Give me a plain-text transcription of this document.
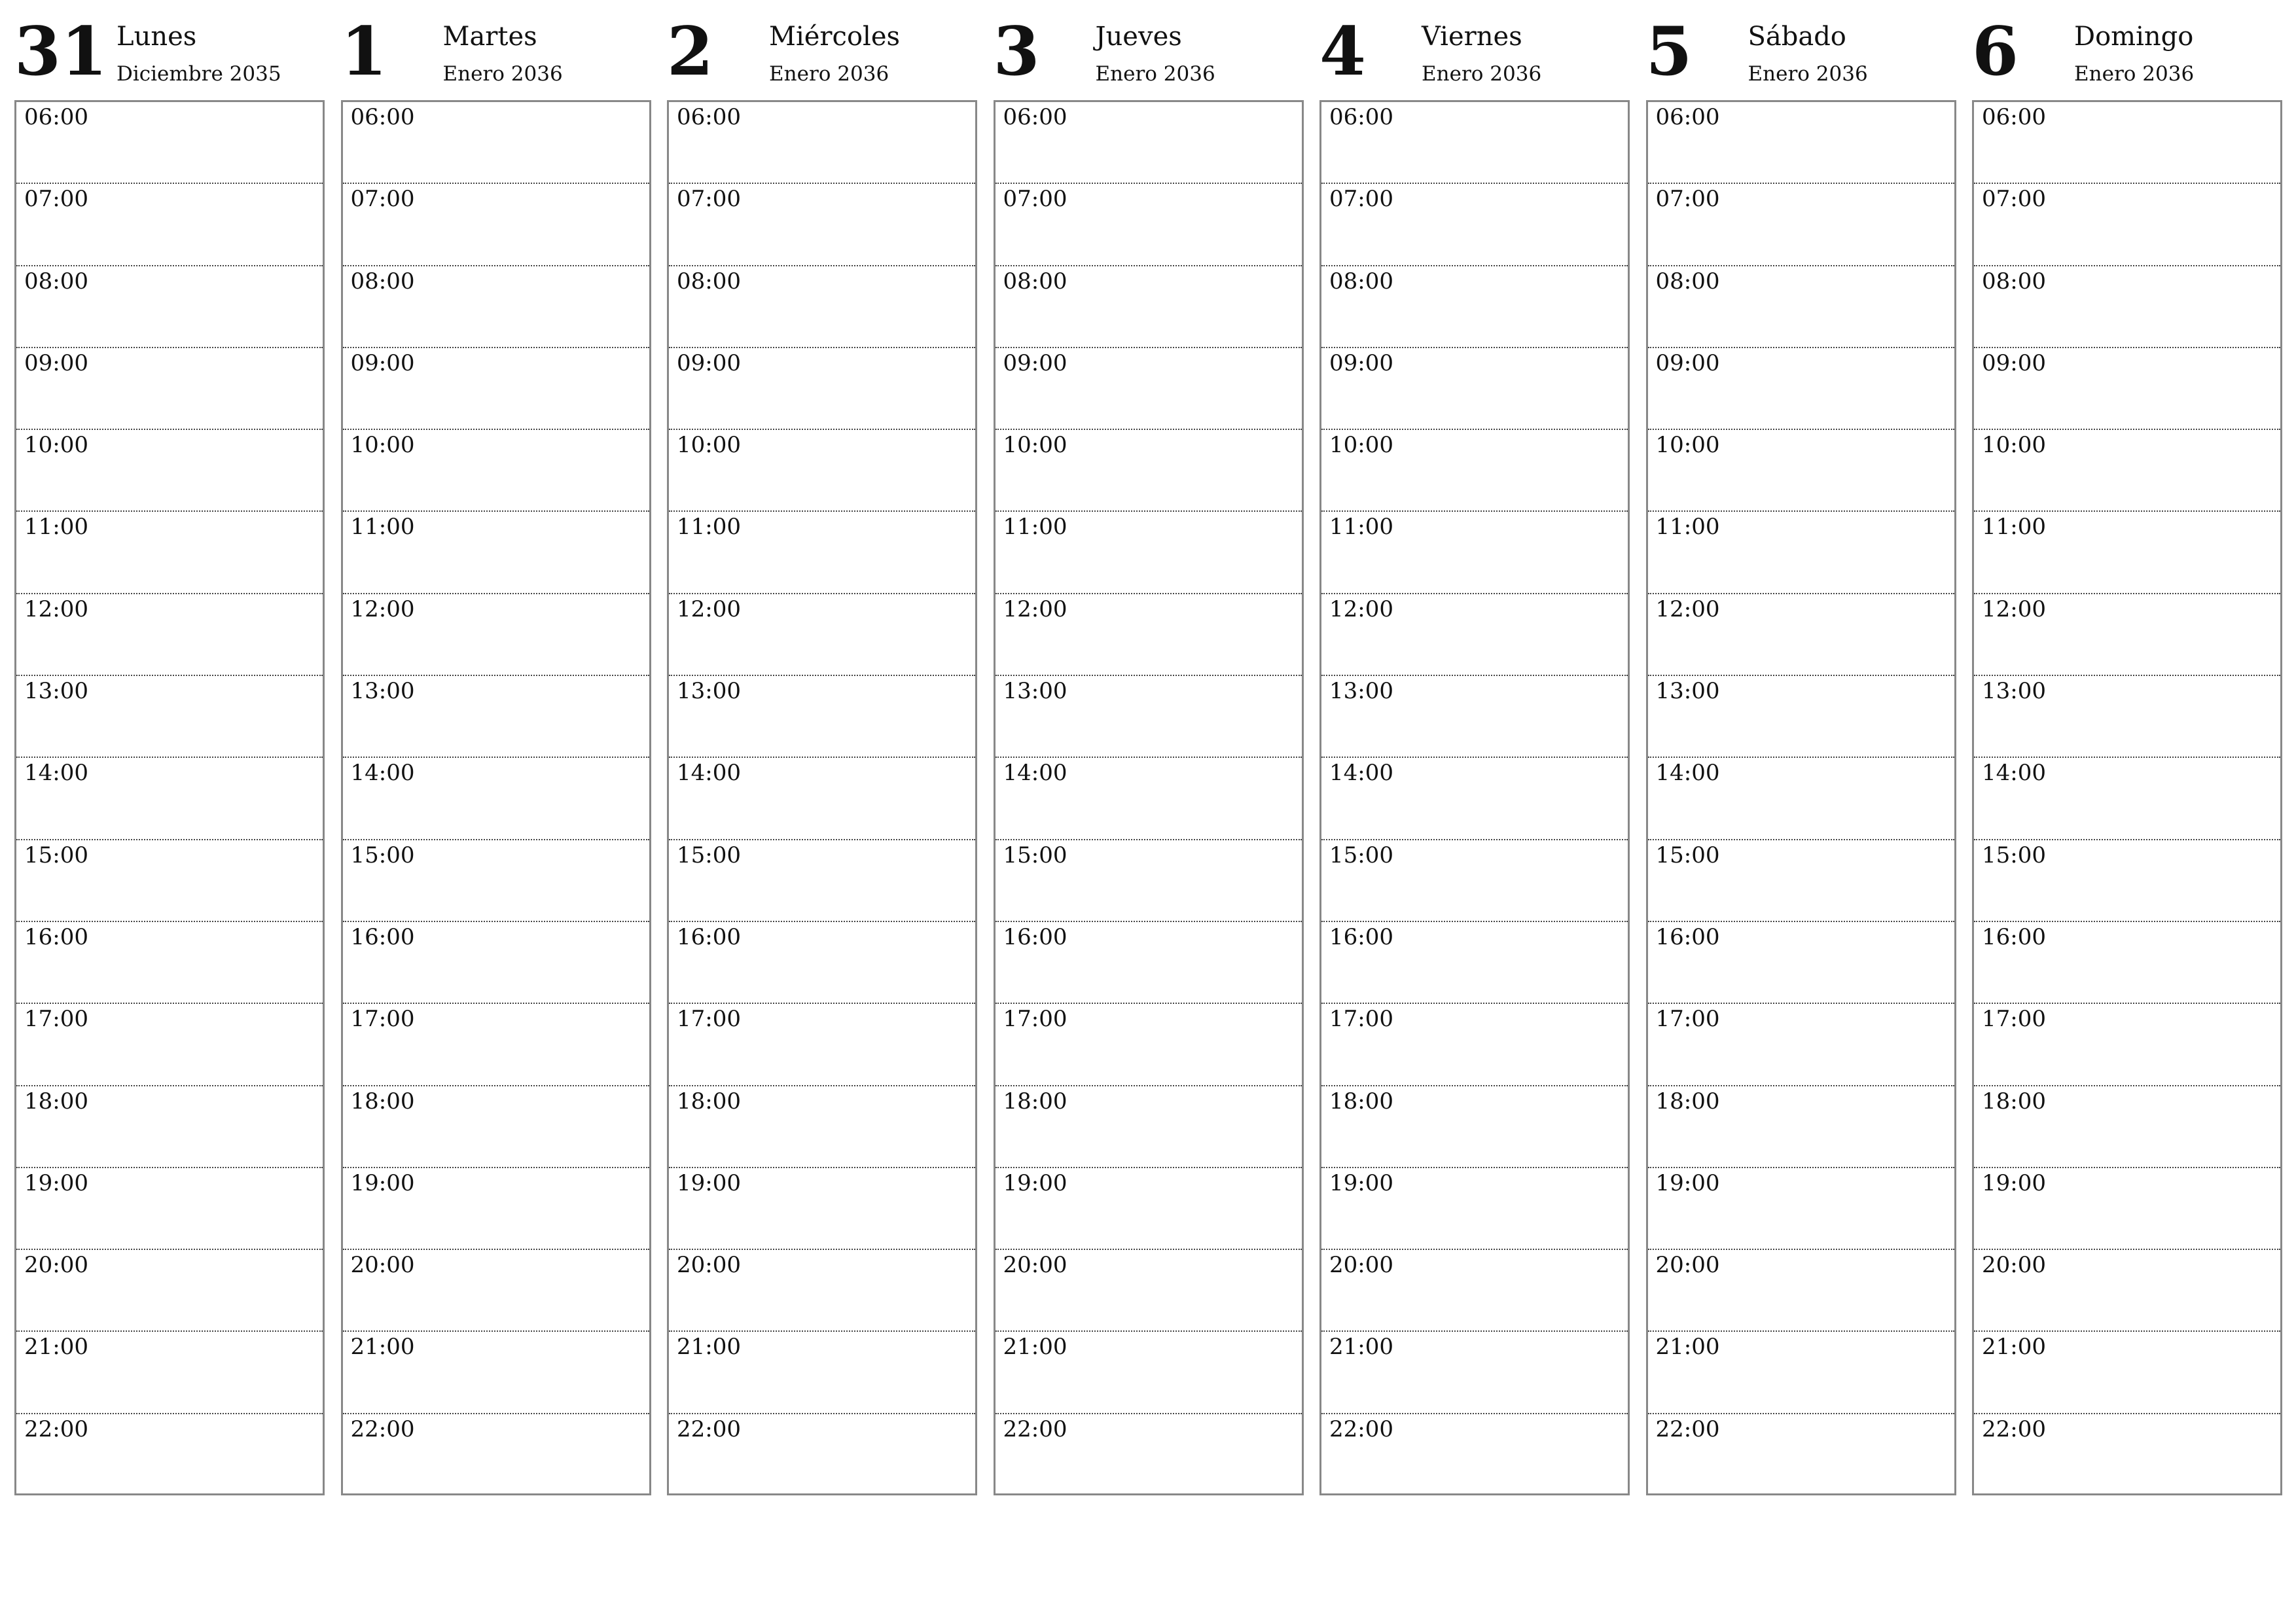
31 Lunes
Diciembre 2035
06:00
07:00
08:00
09:00
10:00
11:00
12:00
13:00
14:00
15:00
16:00
17:00
18:00
19:00
20:00
21:00
22:00
1 Martes
Enero 2036
06:00
07:00
08:00
09:00
10:00
11:00
12:00
13:00
14:00
15:00
16:00
17:00
18:00
19:00
20:00
21:00
22:00
2 Miércoles
Enero 2036
06:00
07:00
08:00
09:00
10:00
11:00
12:00
13:00
14:00
15:00
16:00
17:00
18:00
19:00
20:00
21:00
22:00
3 Jueves
Enero 2036
06:00
07:00
08:00
09:00
10:00
11:00
12:00
13:00
14:00
15:00
16:00
17:00
18:00
19:00
20:00
21:00
22:00
4 Viernes
Enero 2036
06:00
07:00
08:00
09:00
10:00
11:00
12:00
13:00
14:00
15:00
16:00
17:00
18:00
19:00
20:00
21:00
22:00
5 Sábado
Enero 2036
06:00
07:00
08:00
09:00
10:00
11:00
12:00
13:00
14:00
15:00
16:00
17:00
18:00
19:00
20:00
21:00
22:00
6 Domingo
Enero 2036
06:00
07:00
08:00
09:00
10:00
11:00
12:00
13:00
14:00
15:00
16:00
17:00
18:00
19:00
20:00
21:00
22:00
